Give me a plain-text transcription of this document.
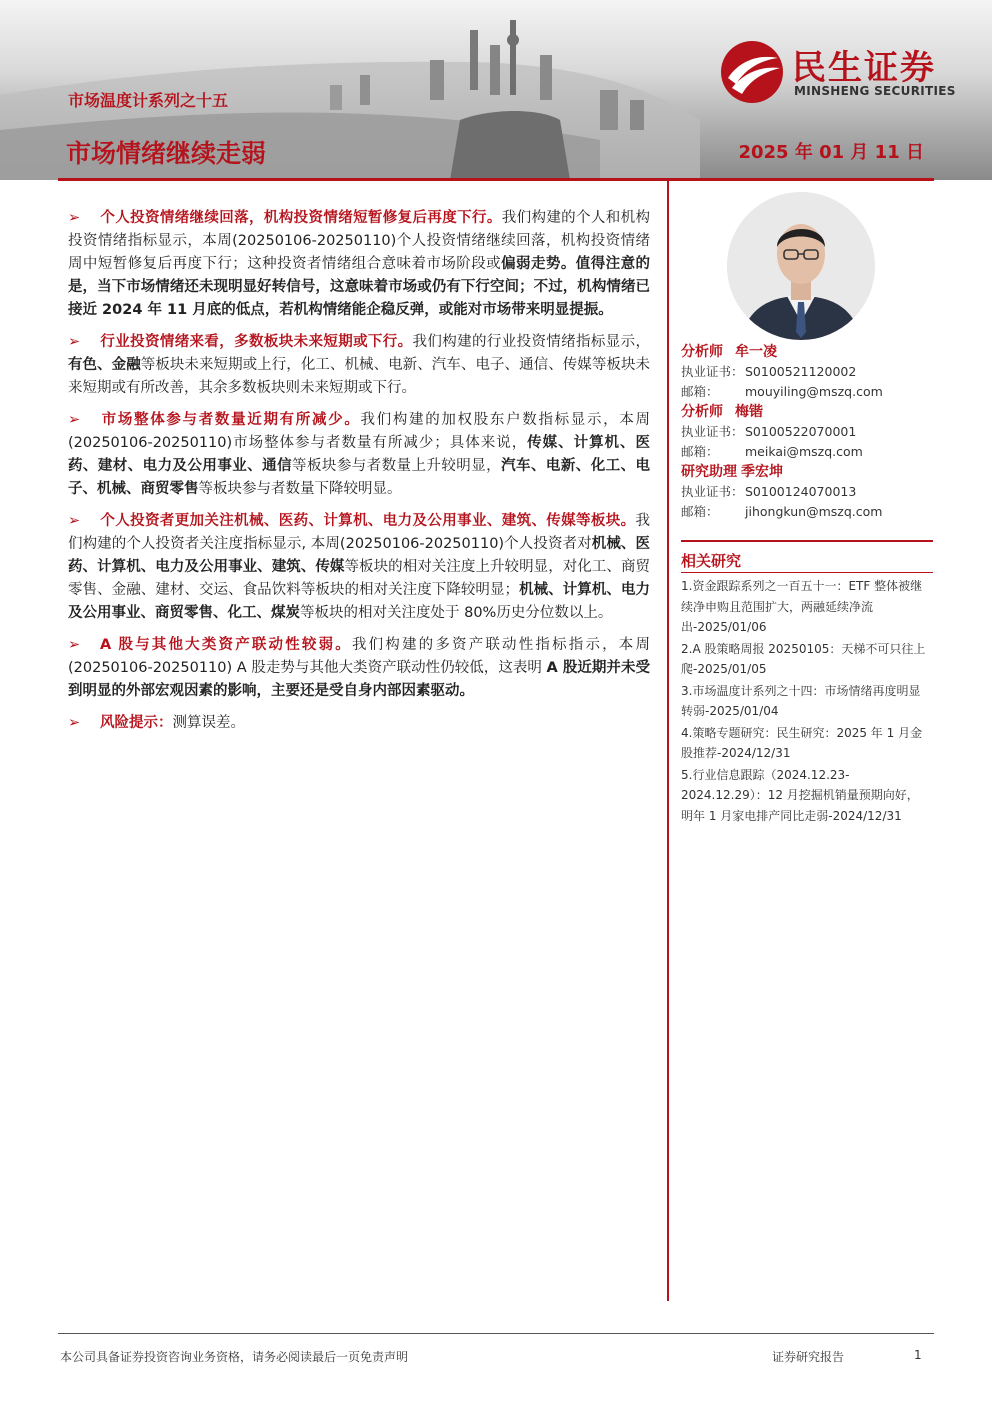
市场温度计系列之十五
市场情绪继续走弱	2025 年 01 月 11 日
民生证券
MINSHENG SECURITIES
➢ 个人投资情绪继续回落，机构投资情绪短暂修复后再度下行。我们构建的个人和机构投资情绪指标显示，本周(20250106-20250110)个人投资情绪继续回落，机构投资情绪周中短暂修复后再度下行；这种投资者情绪组合意味着市场阶段或偏弱走势。值得注意的是，当下市场情绪还未现明显好转信号，这意味着市场或仍有下行空间；不过，机构情绪已接近 2024 年 11 月底的低点，若机构情绪能企稳反弹，或能对市场带来明显提振。
➢ 行业投资情绪来看，多数板块未来短期或下行。我们构建的行业投资情绪指标显示，有色、金融等板块未来短期或上行，化工、机械、电新、汽车、电子、通信、传媒等板块未来短期或有所改善，其余多数板块则未来短期或下行。
➢ 市场整体参与者数量近期有所减少。我们构建的加权股东户数指标显示，本周(20250106-20250110)市场整体参与者数量有所减少；具体来说，传媒、计算机、医药、建材、电力及公用事业、通信等板块参与者数量上升较明显，汽车、电新、化工、电子、机械、商贸零售等板块参与者数量下降较明显。
➢ 个人投资者更加关注机械、医药、计算机、电力及公用事业、建筑、传媒等板块。我们构建的个人投资者关注度指标显示, 本周(20250106-20250110)个人投资者对机械、医药、计算机、电力及公用事业、建筑、传媒等板块的相对关注度上升较明显，对化工、商贸零售、金融、建材、交运、食品饮料等板块的相对关注度下降较明显；机械、计算机、电力及公用事业、商贸零售、化工、煤炭等板块的相对关注度处于 80%历史分位数以上。
➢ A 股与其他大类资产联动性较弱。我们构建的多资产联动性指标指示，本周(20250106-20250110) A 股走势与其他大类资产联动性仍较低，这表明 A 股近期并未受到明显的外部宏观因素的影响，主要还是受自身内部因素驱动。
➢ 风险提示：测算误差。
分析师 牟一凌
执业证书：S0100521120002
邮箱： mouyiling@mszq.com
分析师 梅锴
执业证书：S0100522070001
邮箱： meikai@mszq.com
研究助理 季宏坤
执业证书：S0100124070013
邮箱： jihongkun@mszq.com
相关研究
1.资金跟踪系列之一百五十一：ETF 整体被继续净申购且范围扩大，两融延续净流出-2025/01/06
2.A 股策略周报 20250105：天梯不可只往上爬-2025/01/05
3.市场温度计系列之十四：市场情绪再度明显转弱-2025/01/04
4.策略专题研究：民生研究：2025 年 1 月金股推荐-2024/12/31
5.行业信息跟踪（2024.12.23-2024.12.29）：12 月挖掘机销量预期向好，明年 1 月家电排产同比走弱-2024/12/31
本公司具备证券投资咨询业务资格，请务必阅读最后一页免责声明	证券研究报告	1
